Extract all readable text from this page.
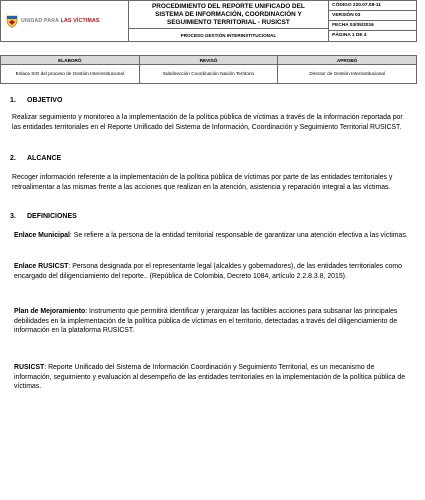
UNIDAD PARA LAS VÍCTIMAS

PROCEDIMIENTO DEL REPORTE UNIFICADO DEL
SISTEMA DE INFORMACIÓN, COORDINACIÓN Y
SEGUIMIENTO TERRITORIAL - RUSICST

CÓDIGO 220.07.08-11
VERSIÓN 03
FECHA 03/05/2016
PÁGINA 1 DE 4

PROCESO GESTIÓN INTERINSTITUCIONAL
ELABORÓ	REVISÓ	APROBÓ
Enlace SIG del proceso de Gestión Interinstitucional	Subdirección Coordinación Nación Territorio	Director de Gestión Interinstitucional
1. OBJETIVO
Realizar seguimiento y monitoreo a la implementación de la política pública de víctimas a través de la información reportada por las entidades territoriales en el Reporte Unificado del Sistema de Información, Coordinación y Seguimiento Territorial RUSICST.
2. ALCANCE
Recoger información referente a la implementación de la política pública de víctimas por parte de las entidades territoriales y retroalimentar a las mismas frente a las acciones que realizan en la atención, asistencia y reparación integral a las víctimas.
3. DEFINICIONES
Enlace Municipal: Se refiere a la persona de la entidad territorial responsable de garantizar una atención efectiva a las víctimas.
Enlace RUSICST: Persona designada por el representante legal (alcaldes y gobernadores), de las entidades territoriales como encargado del diligenciamiento del reporte.. (República de Colombia, Decreto 1084, artículo 2.2.8.3.8, 2015).
Plan de Mejoramiento: Instrumento que permitirá identificar y jerarquizar las factibles acciones para subsanar las principales debilidades en la implementación de la política pública de víctimas en el territorio, detectadas a través del diligenciamiento de información en la plataforma RUSICST.
RUSICST: Reporte Unificado del Sistema de Información Coordinación y Seguimiento Territorial, es un mecanismo de información, seguimiento y evaluación al desempeño de las entidades territoriales en la implementación de la política pública de víctimas.
